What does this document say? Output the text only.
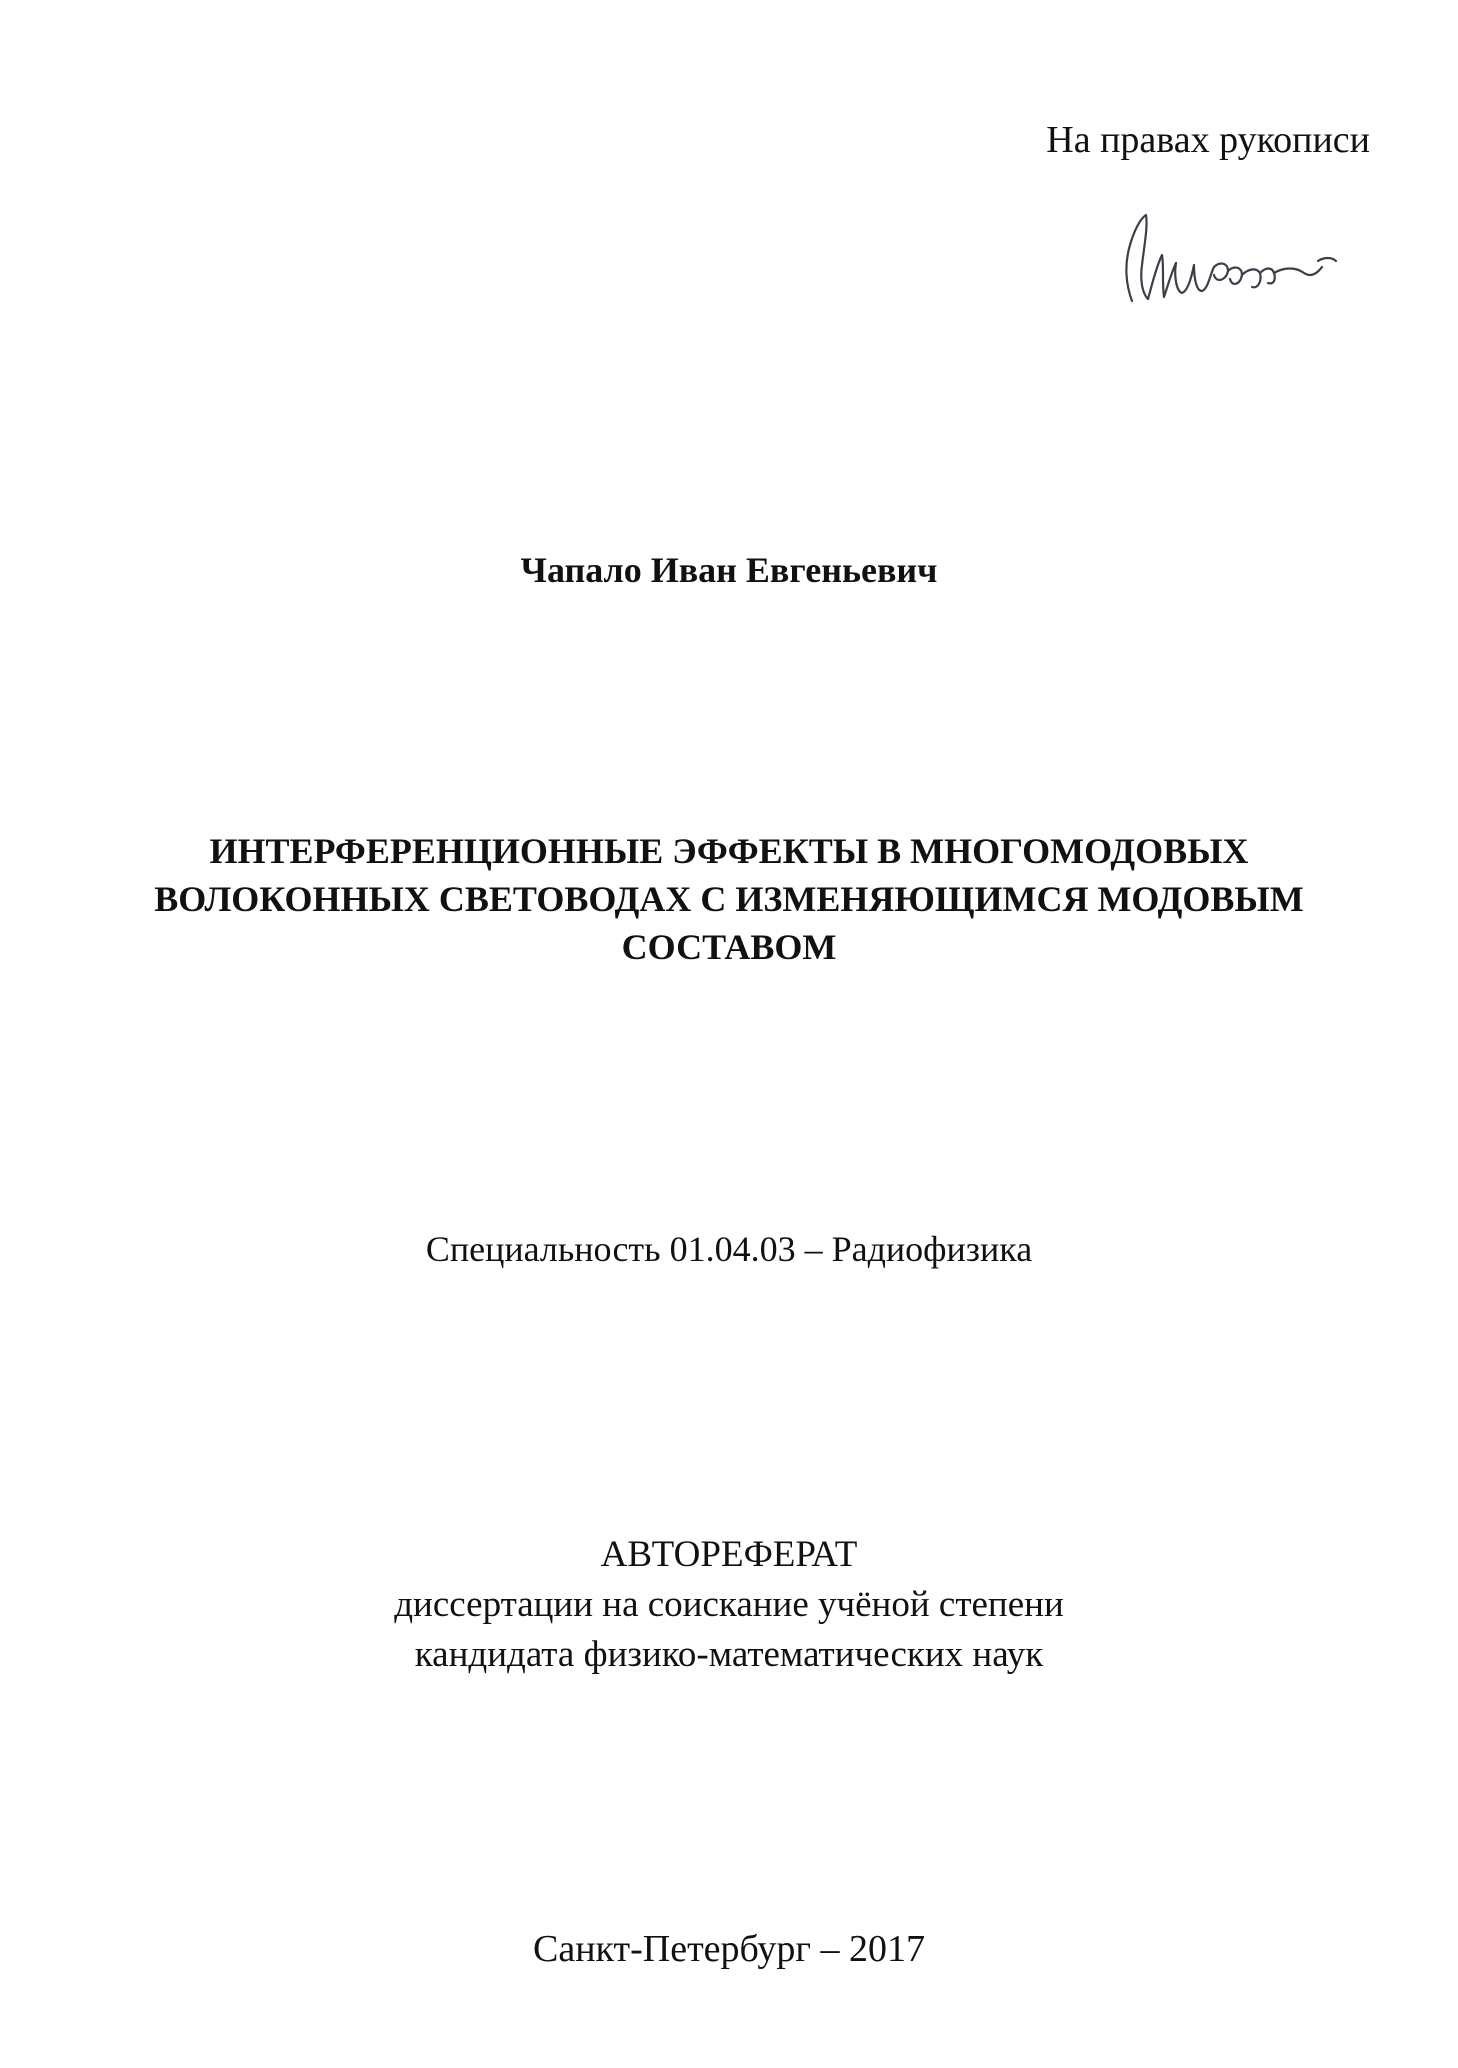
На правах рукописи
Чапало Иван Евгеньевич
ИНТЕРФЕРЕНЦИОННЫЕ ЭФФЕКТЫ В МНОГОМОДОВЫХ
ВОЛОКОННЫХ СВЕТОВОДАХ С ИЗМЕНЯЮЩИМСЯ МОДОВЫМ
СОСТАВОМ
Специальность 01.04.03 – Радиофизика
АВТОРЕФЕРАТ
диссертации на соискание учёной степени
кандидата физико-математических наук
Санкт-Петербург – 2017
